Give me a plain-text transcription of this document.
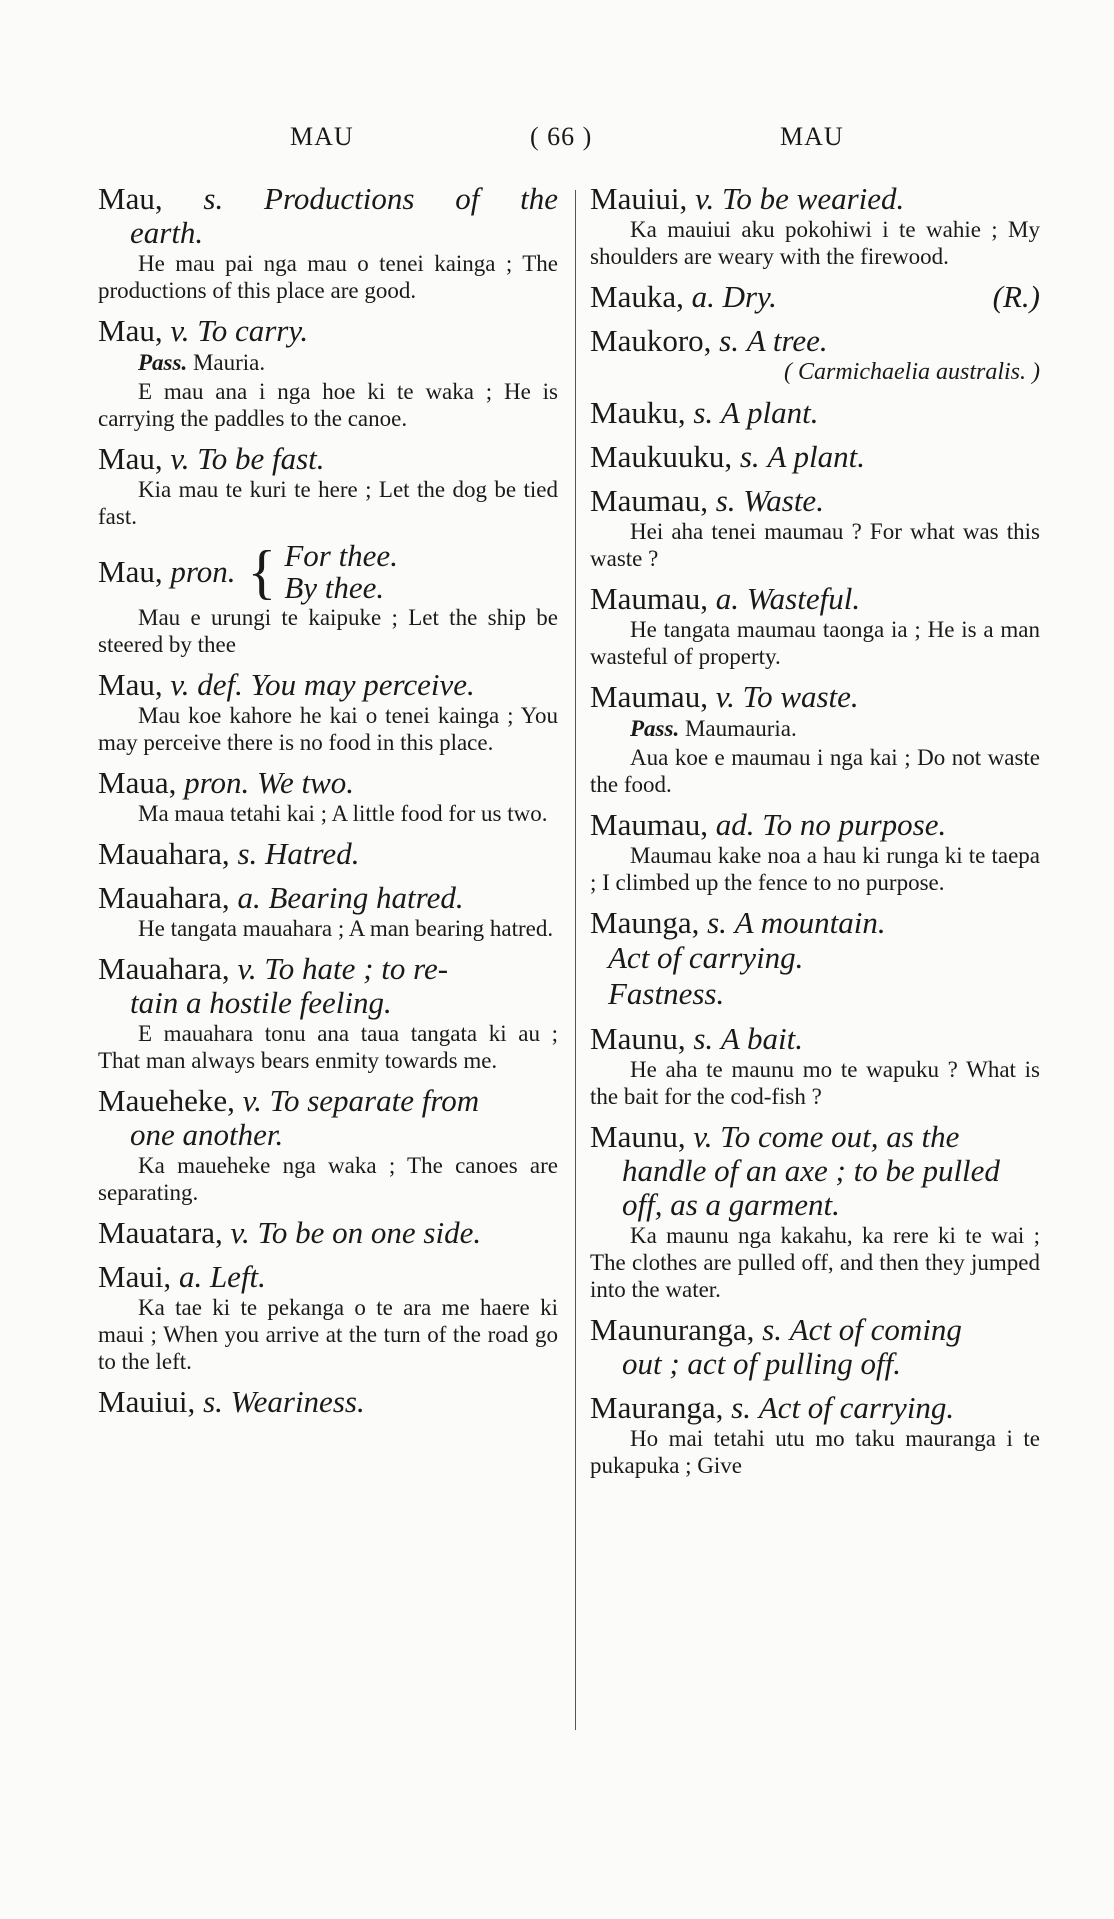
MAU	( 66 )	MAU
Mau, s. Productions of the
earth.
He mau pai nga mau o tenei kainga ; The productions of this place are good.
Mau, v. To carry.
Pass. Mauria.
E mau ana i nga hoe ki te waka ; He is carrying the paddles to the canoe.
Mau, v. To be fast.
Kia mau te kuri te here ; Let the dog be tied fast.
Mau,
pron. { For thee.
By thee.
Mau e urungi te kaipuke ; Let the ship be steered by thee
Mau, v. def. You may perceive.
Mau koe kahore he kai o tenei kainga ; You may perceive there is no food in this place.
Maua, pron. We two.
Ma maua tetahi kai ; A little food for us two.
Mauahara, s. Hatred.
Mauahara, a. Bearing hatred.
He tangata mauahara ; A man bearing hatred.
Mauahara, v. To hate ; to re-
tain a hostile feeling.
E mauahara tonu ana taua tangata ki au ; That man always bears enmity towards me.
Maueheke, v. To separate from
one another.
Ka maueheke nga waka ; The canoes are separating.
Mauatara, v. To be on one side.
Maui, a. Left.
Ka tae ki te pekanga o te ara me haere ki maui ; When you arrive at the turn of the road go to the left.
Mauiui, s. Weariness.
Mauiui, v. To be wearied.
Ka mauiui aku pokohiwi i te wahie ; My shoulders are weary with the firewood.
Mauka, a. Dry.	(R.)
Maukoro, s. A tree.
( Carmichaelia australis. )
Mauku, s. A plant.
Maukuuku, s. A plant.
Maumau, s. Waste.
Hei aha tenei maumau ? For what was this waste ?
Maumau, a. Wasteful.
He tangata maumau taonga ia ; He is a man wasteful of property.
Maumau, v. To waste.
Pass. Maumauria.
Aua koe e maumau i nga kai ; Do not waste the food.
Maumau, ad. To no purpose.
Maumau kake noa a hau ki runga ki te taepa ; I climbed up the fence to no purpose.
Maunga, s. A mountain.
Act of carrying.
Fastness.
Maunu, s. A bait.
He aha te maunu mo te wapuku ? What is the bait for the cod-fish ?
Maunu, v. To come out, as the
handle of an axe ; to be pulled off, as a garment.
Ka maunu nga kakahu, ka rere ki te wai ; The clothes are pulled off, and then they jumped into the water.
Maunuranga, s. Act of coming
out ; act of pulling off.
Mauranga, s. Act of carrying.
Ho mai tetahi utu mo taku mauranga i te pukapuka ; Give
